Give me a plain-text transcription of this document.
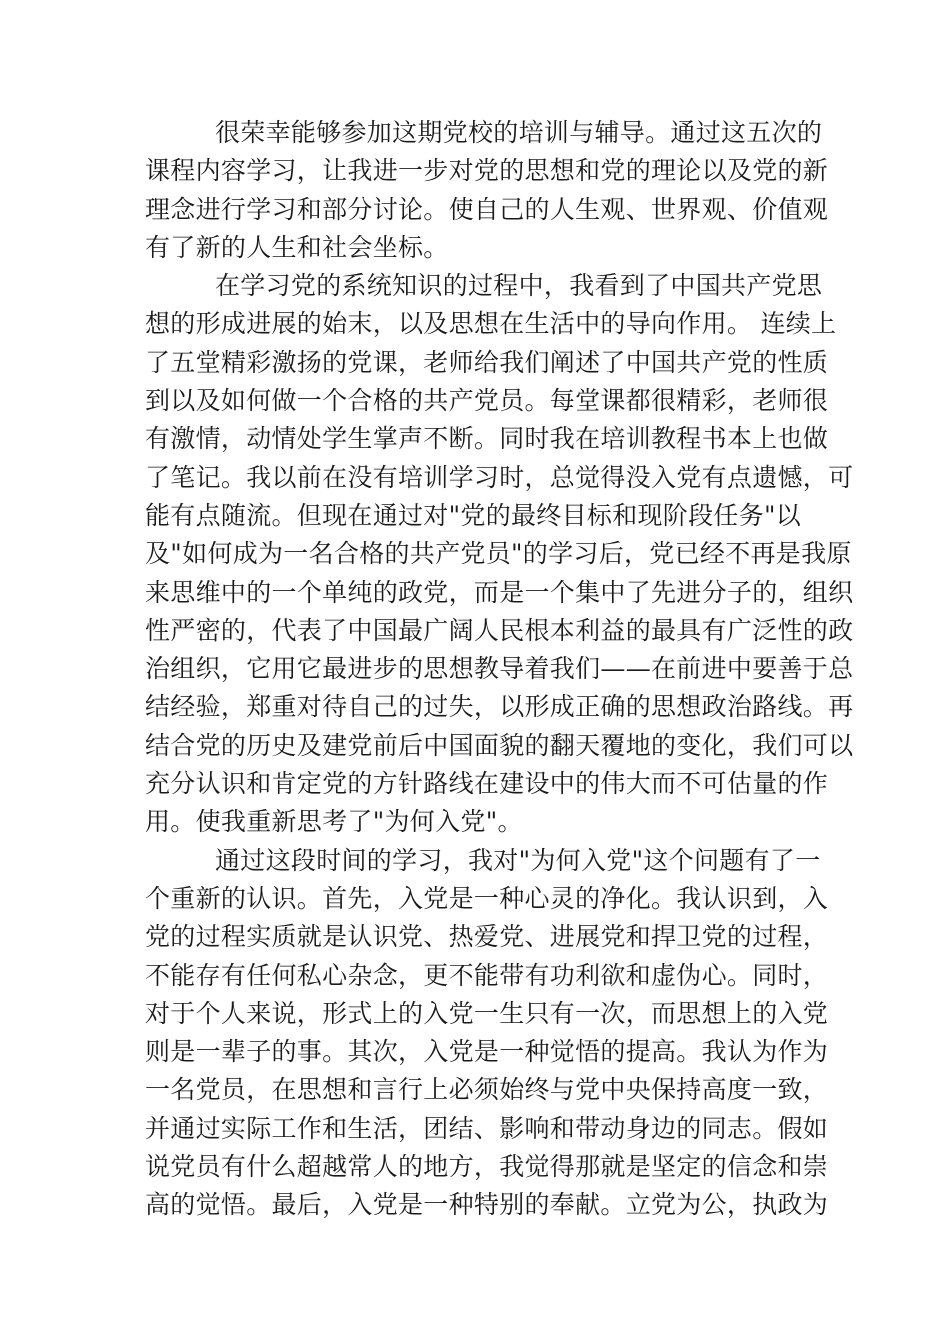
很荣幸能够参加这期党校的培训与辅导。通过这五次的
课程内容学习，让我进一步对党的思想和党的理论以及党的新
理念进行学习和部分讨论。使自己的人生观、世界观、价值观
有了新的人生和社会坐标。
在学习党的系统知识的过程中，我看到了中国共产党思
想的形成进展的始末，以及思想在生活中的导向作用。 连续上
了五堂精彩激扬的党课，老师给我们阐述了中国共产党的性质
到以及如何做一个合格的共产党员。每堂课都很精彩，老师很
有激情，动情处学生掌声不断。同时我在培训教程书本上也做
了笔记。我以前在没有培训学习时，总觉得没入党有点遗憾，可
能有点随流。但现在通过对"党的最终目标和现阶段任务"以
及"如何成为一名合格的共产党员"的学习后，党已经不再是我原
来思维中的一个单纯的政党，而是一个集中了先进分子的，组织
性严密的，代表了中国最广阔人民根本利益的最具有广泛性的政
治组织，它用它最进步的思想教导着我们——在前进中要善于总
结经验，郑重对待自己的过失，以形成正确的思想政治路线。再
结合党的历史及建党前后中国面貌的翻天覆地的变化，我们可以
充分认识和肯定党的方针路线在建设中的伟大而不可估量的作
用。使我重新思考了"为何入党"。
通过这段时间的学习，我对"为何入党"这个问题有了一
个重新的认识。首先，入党是一种心灵的净化。我认识到，入
党的过程实质就是认识党、热爱党、进展党和捍卫党的过程，
不能存有任何私心杂念，更不能带有功利欲和虚伪心。同时，
对于个人来说，形式上的入党一生只有一次，而思想上的入党
则是一辈子的事。其次，入党是一种觉悟的提高。我认为作为
一名党员，在思想和言行上必须始终与党中央保持高度一致，
并通过实际工作和生活，团结、影响和带动身边的同志。假如
说党员有什么超越常人的地方，我觉得那就是坚定的信念和崇
高的觉悟。最后，入党是一种特别的奉献。立党为公，执政为
